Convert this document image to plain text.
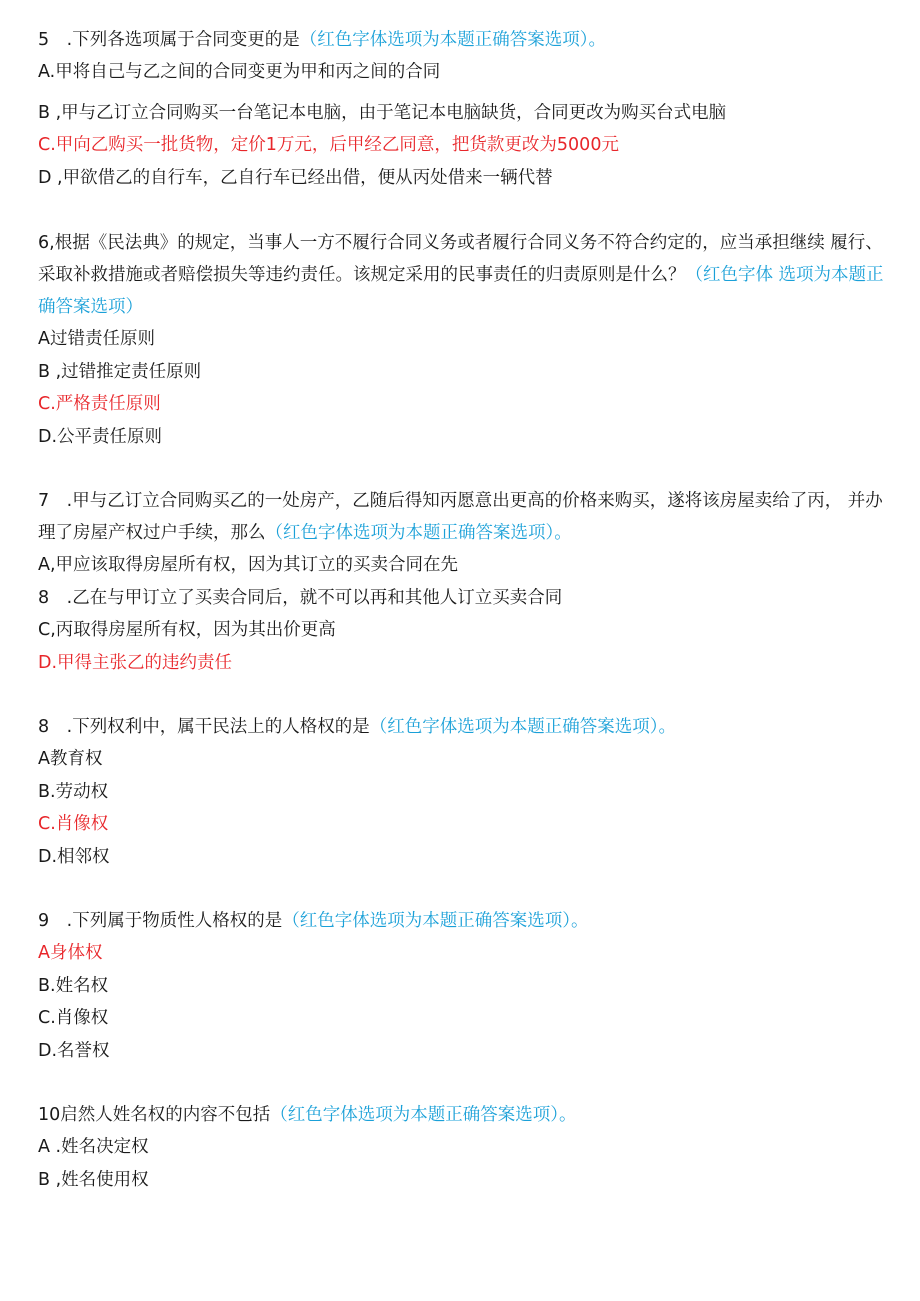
5　.下列各选项属于合同变更的是（红色字体选项为本题正确答案选项）。

A.甲将自己与乙之间的合同变更为甲和丙之间的合同

B ,甲与乙订立合同购买一台笔记本电脑，由于笔记本电脑缺货，合同更改为购买台式电脑

C.甲向乙购买一批货物，定价1万元，后甲经乙同意，把货款更改为5000元

D ,甲欲借乙的自行车，乙自行车已经出借，便从丙处借来一辆代替

6,根据《民法典》的规定，当事人一方不履行合同义务或者履行合同义务不符合约定的，应当承担继续 履行、采取补救措施或者赔偿损失等违约责任。该规定采用的民事责任的归责原则是什么？（红色字体 选项为本题正确答案选项）

A过错责任原则

B ,过错推定责任原则

C.严格责任原则

D.公平责任原则

7　.甲与乙订立合同购买乙的一处房产，乙随后得知丙愿意出更高的价格来购买，遂将该房屋卖给了丙， 并办理了房屋产权过户手续，那么（红色字体选项为本题正确答案选项）。

A,甲应该取得房屋所有权，因为其订立的买卖合同在先

8　.乙在与甲订立了买卖合同后，就不可以再和其他人订立买卖合同

C,丙取得房屋所有权，因为其出价更高

D.甲得主张乙的违约责任

8　.下列权利中，属干民法上的人格权的是（红色字体选项为本题正确答案选项）。

A教育权

B.劳动权

C.肖像权

D.相邻权

9　.下列属于物质性人格权的是（红色字体选项为本题正确答案选项）。

A身体权

B.姓名权

C.肖像权

D.名誉权

10启然人姓名权的内容不包括（红色字体选项为本题正确答案选项）。

A .姓名决定权

B ,姓名使用权
